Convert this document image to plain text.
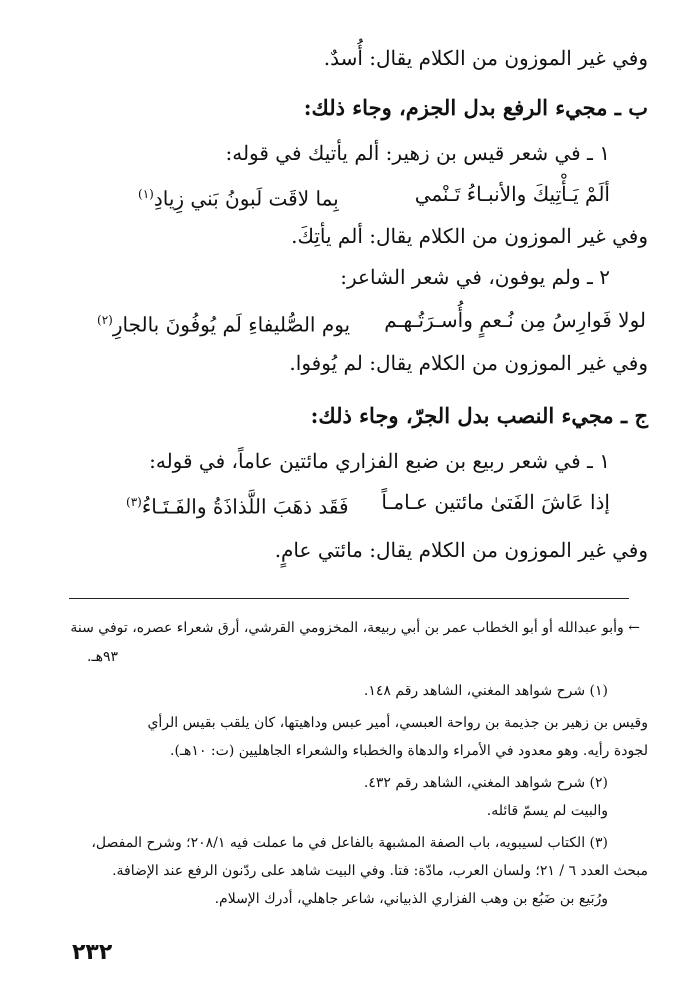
وفي غير الموزون من الكلام يقال: أُسدٌ.
ب ـ مجيء الرفع بدل الجزم، وجاء ذلك:
١ ـ في شعر قيس بن زهير: ألم يأتيك في قوله:
ألَمْ يَـأْتِيكَ والأنبـاءُ تَـنْمي
بِما لاقَت لَبونُ بَني زِيادِ$^{(١)}$
وفي غير الموزون من الكلام يقال: ألم يأتِكَ.
٢ ـ ولم يوفون، في شعر الشاعر:
لولا فَوارِسُ مِن نُـعمٍ وأُسـرَتُـهـم
يوم الصُّليفاءِ لَم يُوفُونَ بالجارِ$^{(٢)}$
وفي غير الموزون من الكلام يقال: لم يُوفوا.
ج ـ مجيء النصب بدل الجرّ، وجاء ذلك:
١ ـ في شعر ربيع بن ضبع الفزاري مائتين عاماً، في قوله:
إذا عَاشَ الفَتىٰ مائتين عـامـاً
فَقَد ذهَبَ اللَّذاذَةُ والفَـتَـاءُ$^{(٣)}$
وفي غير الموزون من الكلام يقال: مائتي عامٍ.
← وأبو عبدالله أو أبو الخطاب عمر بن أبي ربيعة، المخزومي القرشي، أرق شعراء عصره، توفي سنة
٩٣هـ.
(١) شرح شواهد المغني، الشاهد رقم ١٤٨.
وقيس بن زهير بن جذيمة بن رواحة العبسي، أمير عبس وداهيتها، كان يلقب بقيس الرأي
لجودة رأيه. وهو معدود في الأمراء والدهاة والخطباء والشعراء الجاهليين (ت: ١٠هـ).
(٢) شرح شواهد المغني، الشاهد رقم ٤٣٢.
والبيت لم يسمّ قائله.
(٣) الكتاب لسيبويه، باب الصفة المشبهة بالفاعل في ما عملت فيه ٢٠٨/١؛ وشرح المفصل،
مبحث العدد ٦ / ٢١؛ ولسان العرب، مادّة: فتا. وفي البيت شاهد على ردّنون الرفع عند الإضافة.
ورُبَيع بن ضَبُع بن وهب الفزاري الذبياني، شاعر جاهلي، أدرك الإسلام.
٢٣٢
